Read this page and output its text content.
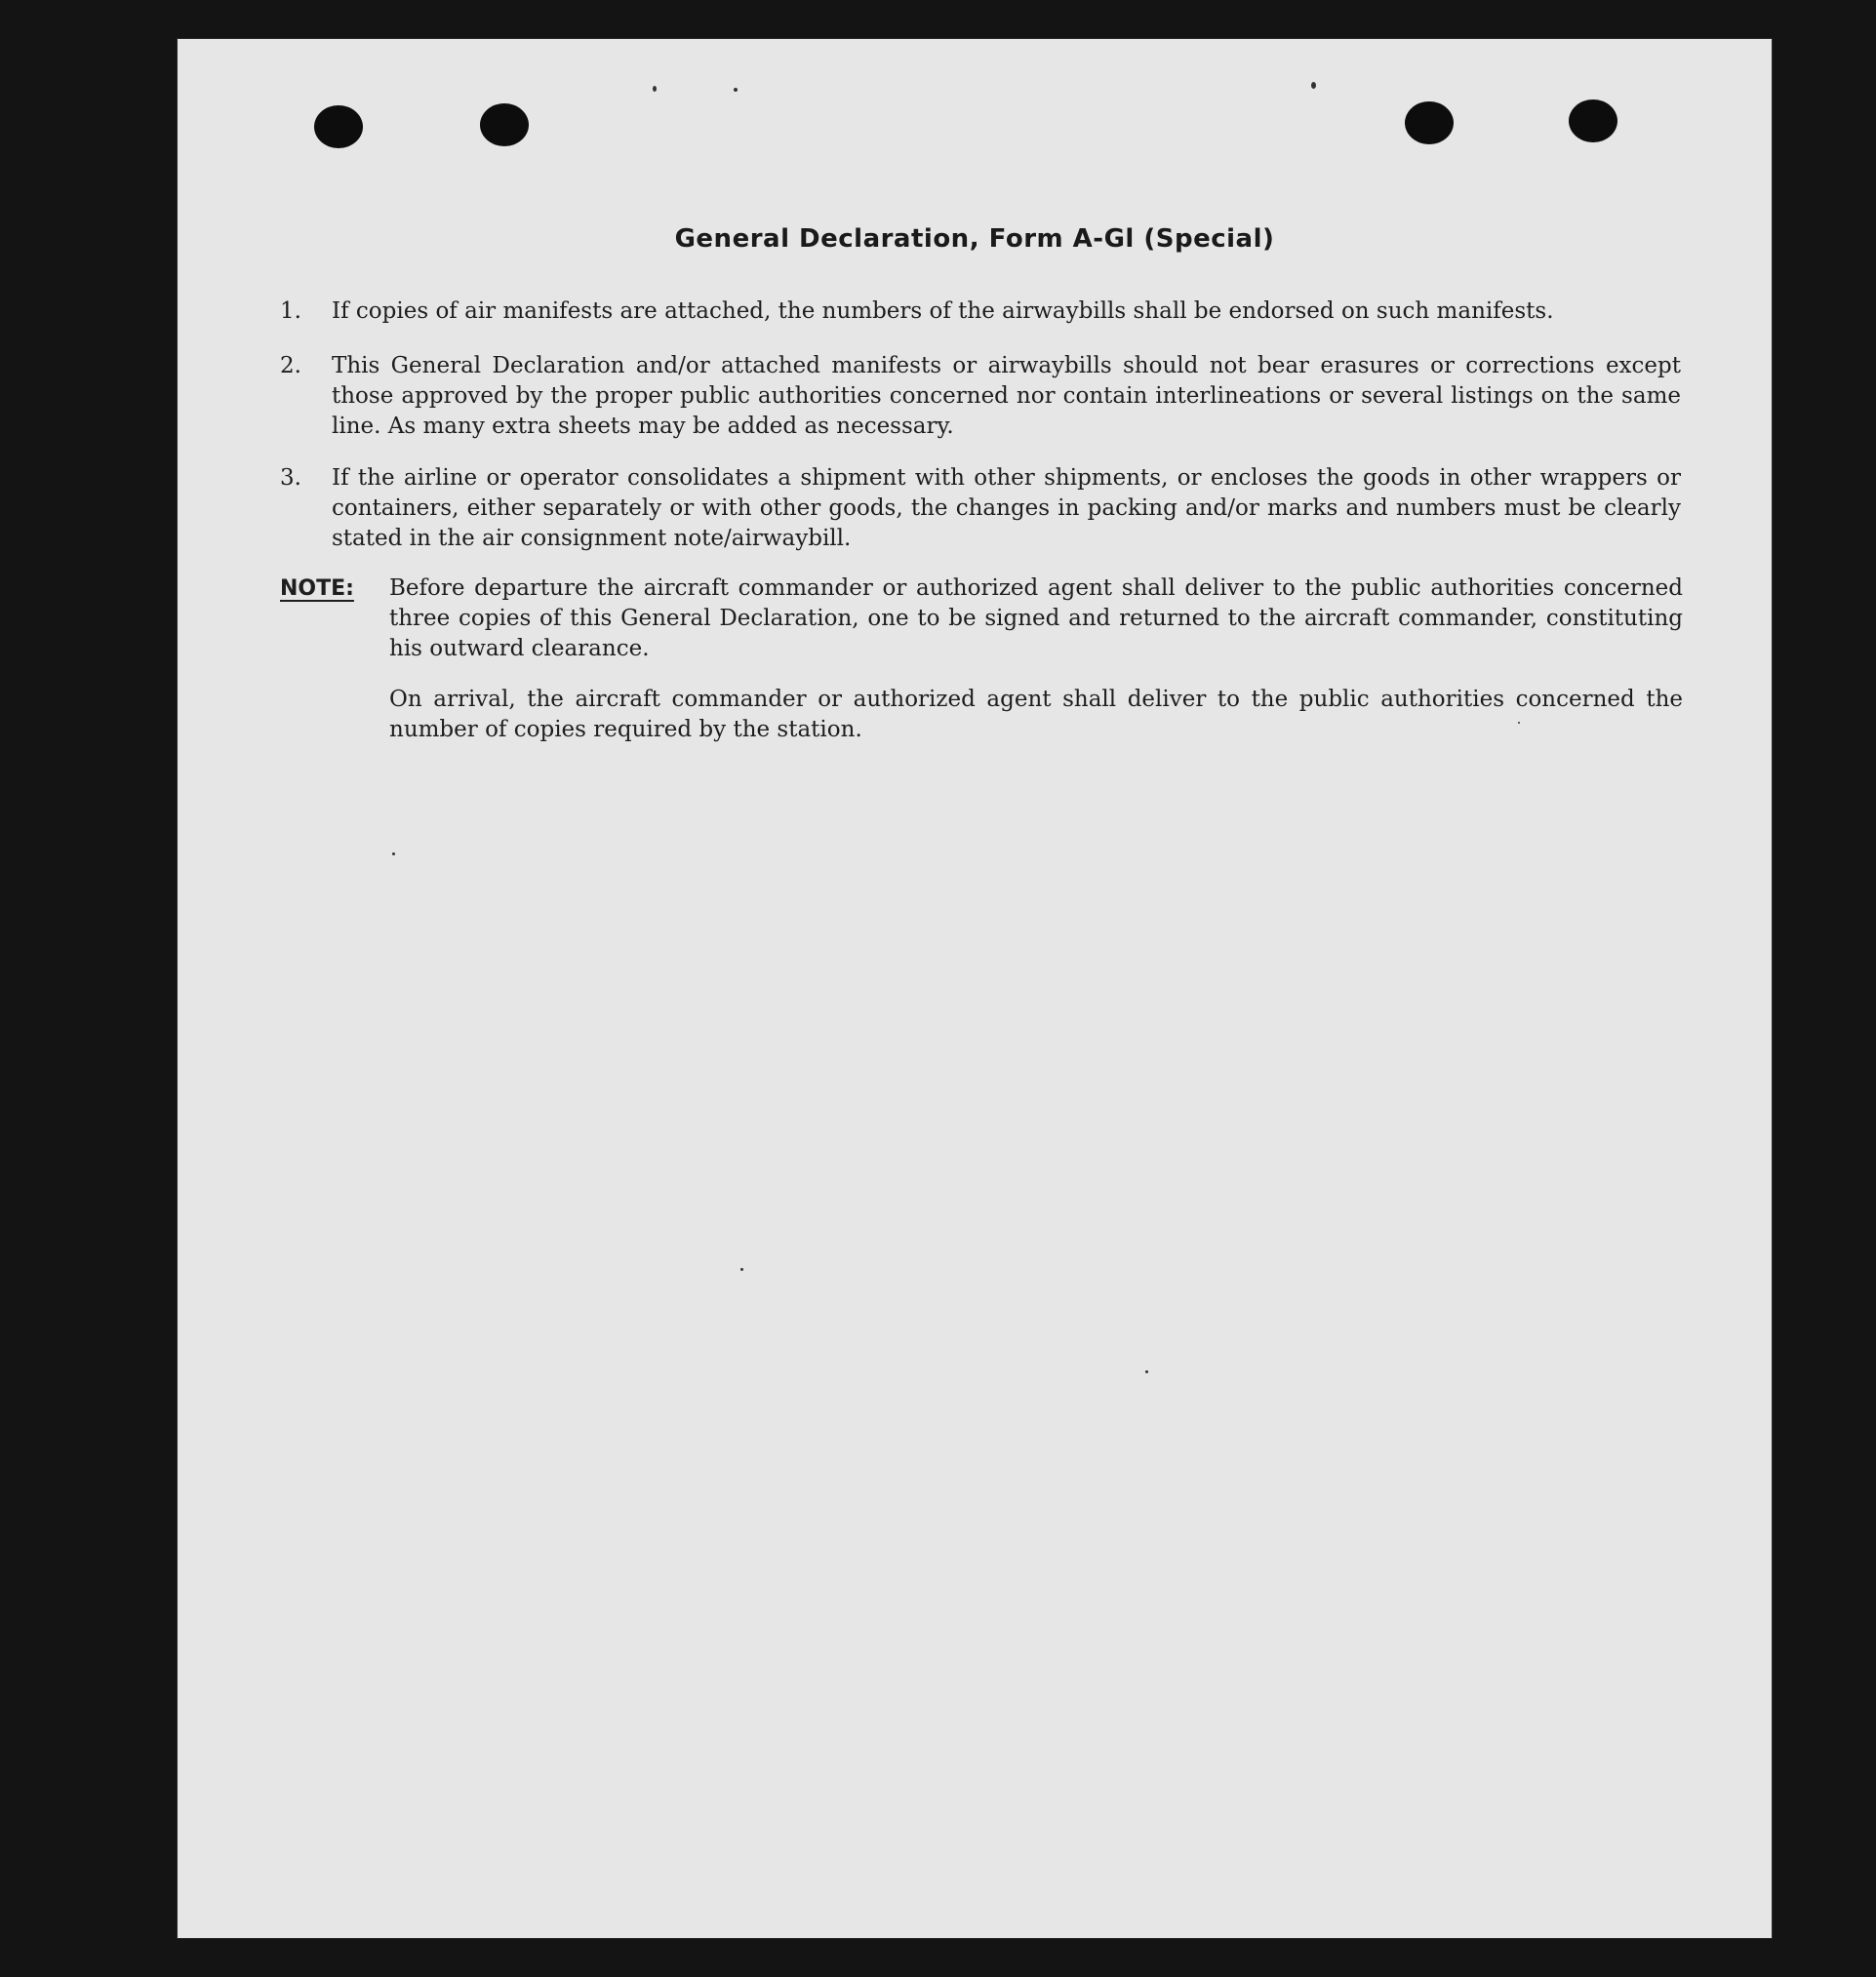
General Declaration, Form A-Gl (Special)
1.	If copies of air manifests are attached, the numbers of the airwaybills shall be endorsed on such manifests.
2.	This General Declaration and/or attached manifests or airwaybills should not bear erasures or corrections except those approved by the proper public authorities concerned nor contain interlineations or several listings on the same line. As many extra sheets may be added as necessary.
3.	If the airline or operator consolidates a shipment with other shipments, or encloses the goods in other wrappers or containers, either separately or with other goods, the changes in packing and/or marks and numbers must be clearly stated in the air consignment note/airwaybill.
NOTE:	Before departure the aircraft commander or authorized agent shall deliver to the public authorities concerned three copies of this General Declaration, one to be signed and returned to the aircraft commander, constituting his outward clearance.
On arrival, the aircraft commander or authorized agent shall deliver to the public authorities concerned the number of copies required by the station.
